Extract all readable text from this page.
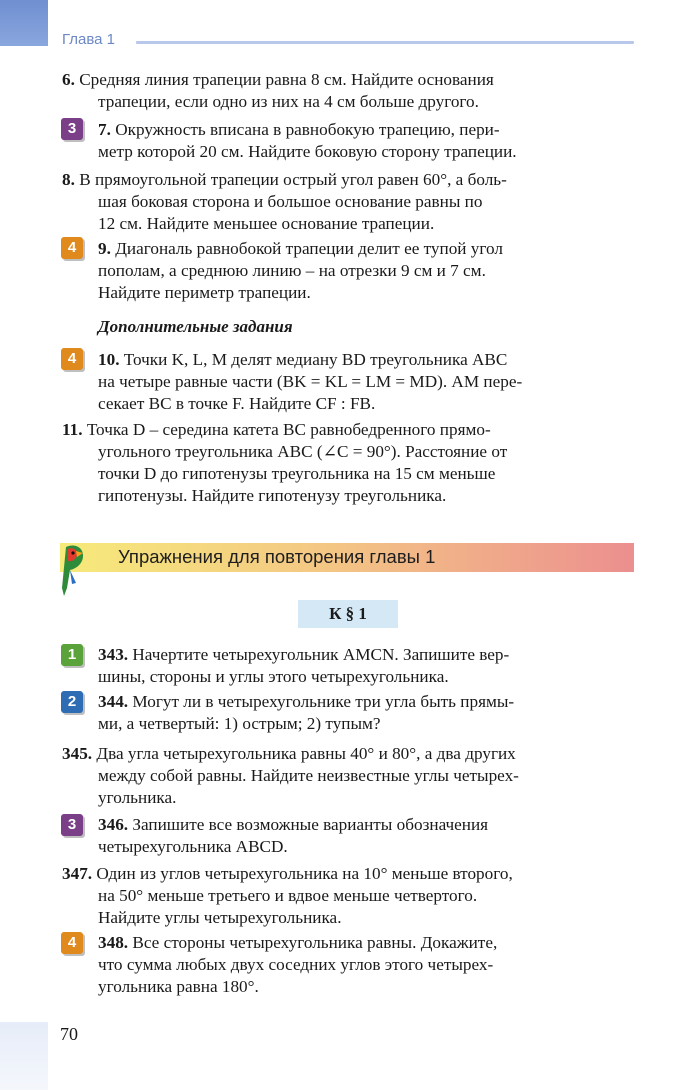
Глава 1
6. Средняя линия трапеции равна 8 см. Найдите основания
трапеции, если одно из них на 4 см больше другого.
3	7. Окружность вписана в равнобокую трапецию, пери-
метр которой 20 см. Найдите боковую сторону трапеции.
8. В прямоугольной трапеции острый угол равен 60°, а боль-
шая боковая сторона и большое основание равны по
12 см. Найдите меньшее основание трапеции.
4	9. Диагональ равнобокой трапеции делит ее тупой угол
пополам, а среднюю линию – на отрезки 9 см и 7 см.
Найдите периметр трапеции.
Дополнительные задания
4	10. Точки K, L, M делят медиану BD треугольника ABC
на четыре равные части (BK = KL = LM = MD). AM пере-
секает BC в точке F. Найдите CF : FB.
11. Точка D – середина катета BC равнобедренного прямо-
угольного треугольника ABC (∠C = 90°). Расстояние от
точки D до гипотенузы треугольника на 15 см меньше
гипотенузы. Найдите гипотенузу треугольника.
Упражнения для повторения главы 1
К § 1
1	343. Начертите четырехугольник AMCN. Запишите вер-
шины, стороны и углы этого четырехугольника.
2	344. Могут ли в четырехугольнике три угла быть прямы-
ми, а четвертый: 1) острым; 2) тупым?
345. Два угла четырехугольника равны 40° и 80°, а два других
между собой равны. Найдите неизвестные углы четырех-
угольника.
3	346. Запишите все возможные варианты обозначения
четырехугольника ABCD.
347. Один из углов четырехугольника на 10° меньше второго,
на 50° меньше третьего и вдвое меньше четвертого.
Найдите углы четырехугольника.
4	348. Все стороны четырехугольника равны. Докажите,
что сумма любых двух соседних углов этого четырех-
угольника равна 180°.
70
